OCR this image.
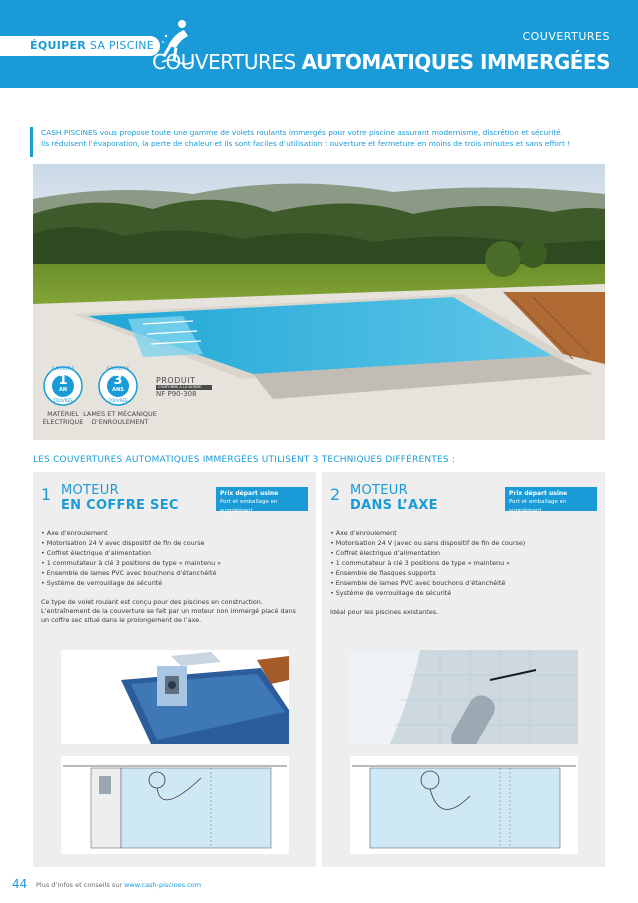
ÉQUIPER SA PISCINE
COUVERTURES
COUVERTURES AUTOMATIQUES IMMERGÉES
CASH PISCINES vous propose toute une gamme de volets roulants immergés pour votre piscine assurant modernisme, discrétion et sécurité.
Ils réduisent l’évaporation, la perte de chaleur et ils sont faciles d’utilisation : ouverture et fermeture en moins de trois minutes et sans effort !
GARANTIE
1
AN
TOUVRÉS
GARANTIE
3
ANS
TOUVRÉS
MATÉRIEL
ÉLECTRIQUE
LAMES ET MÉCANIQUE
D’ENROULEMENT
PRODUIT
CONFORME À LA NORME
NF P90-308
LES COUVERTURES AUTOMATIQUES IMMERGÉES UTILISENT 3 TECHNIQUES DIFFÉRENTES :
1 MOTEUR
EN COFFRE SEC
Prix départ usine
Port et emballage en supplément
• Axe d’enroulement
• Motorisation 24 V avec dispositif de fin de course
• Coffret électrique d’alimentation
• 1 commutateur à clé 3 positions de type « maintenu »
• Ensemble de lames PVC avec bouchons d’étanchéité
• Système de verrouillage de sécurité
Ce type de volet roulant est conçu pour des piscines en construction.
L’entraînement de la couverture se fait par un moteur non immergé placé dans
un coffre sec situé dans le prolongement de l’axe.
2 MOTEUR
DANS L’AXE
Prix départ usine
Port et emballage en supplément
• Axe d’enroulement
• Motorisation 24 V (avec ou sans dispositif de fin de course)
• Coffret électrique d’alimentation
• 1 commutateur à clé 3 positions de type « maintenu »
• Ensemble de flasques supports
• Ensemble de lames PVC avec bouchons d’étanchéité
• Système de verrouillage de sécurité
Idéal pour les piscines existantes.
44 Plus d’infos et conseils sur www.cash-piscines.com
